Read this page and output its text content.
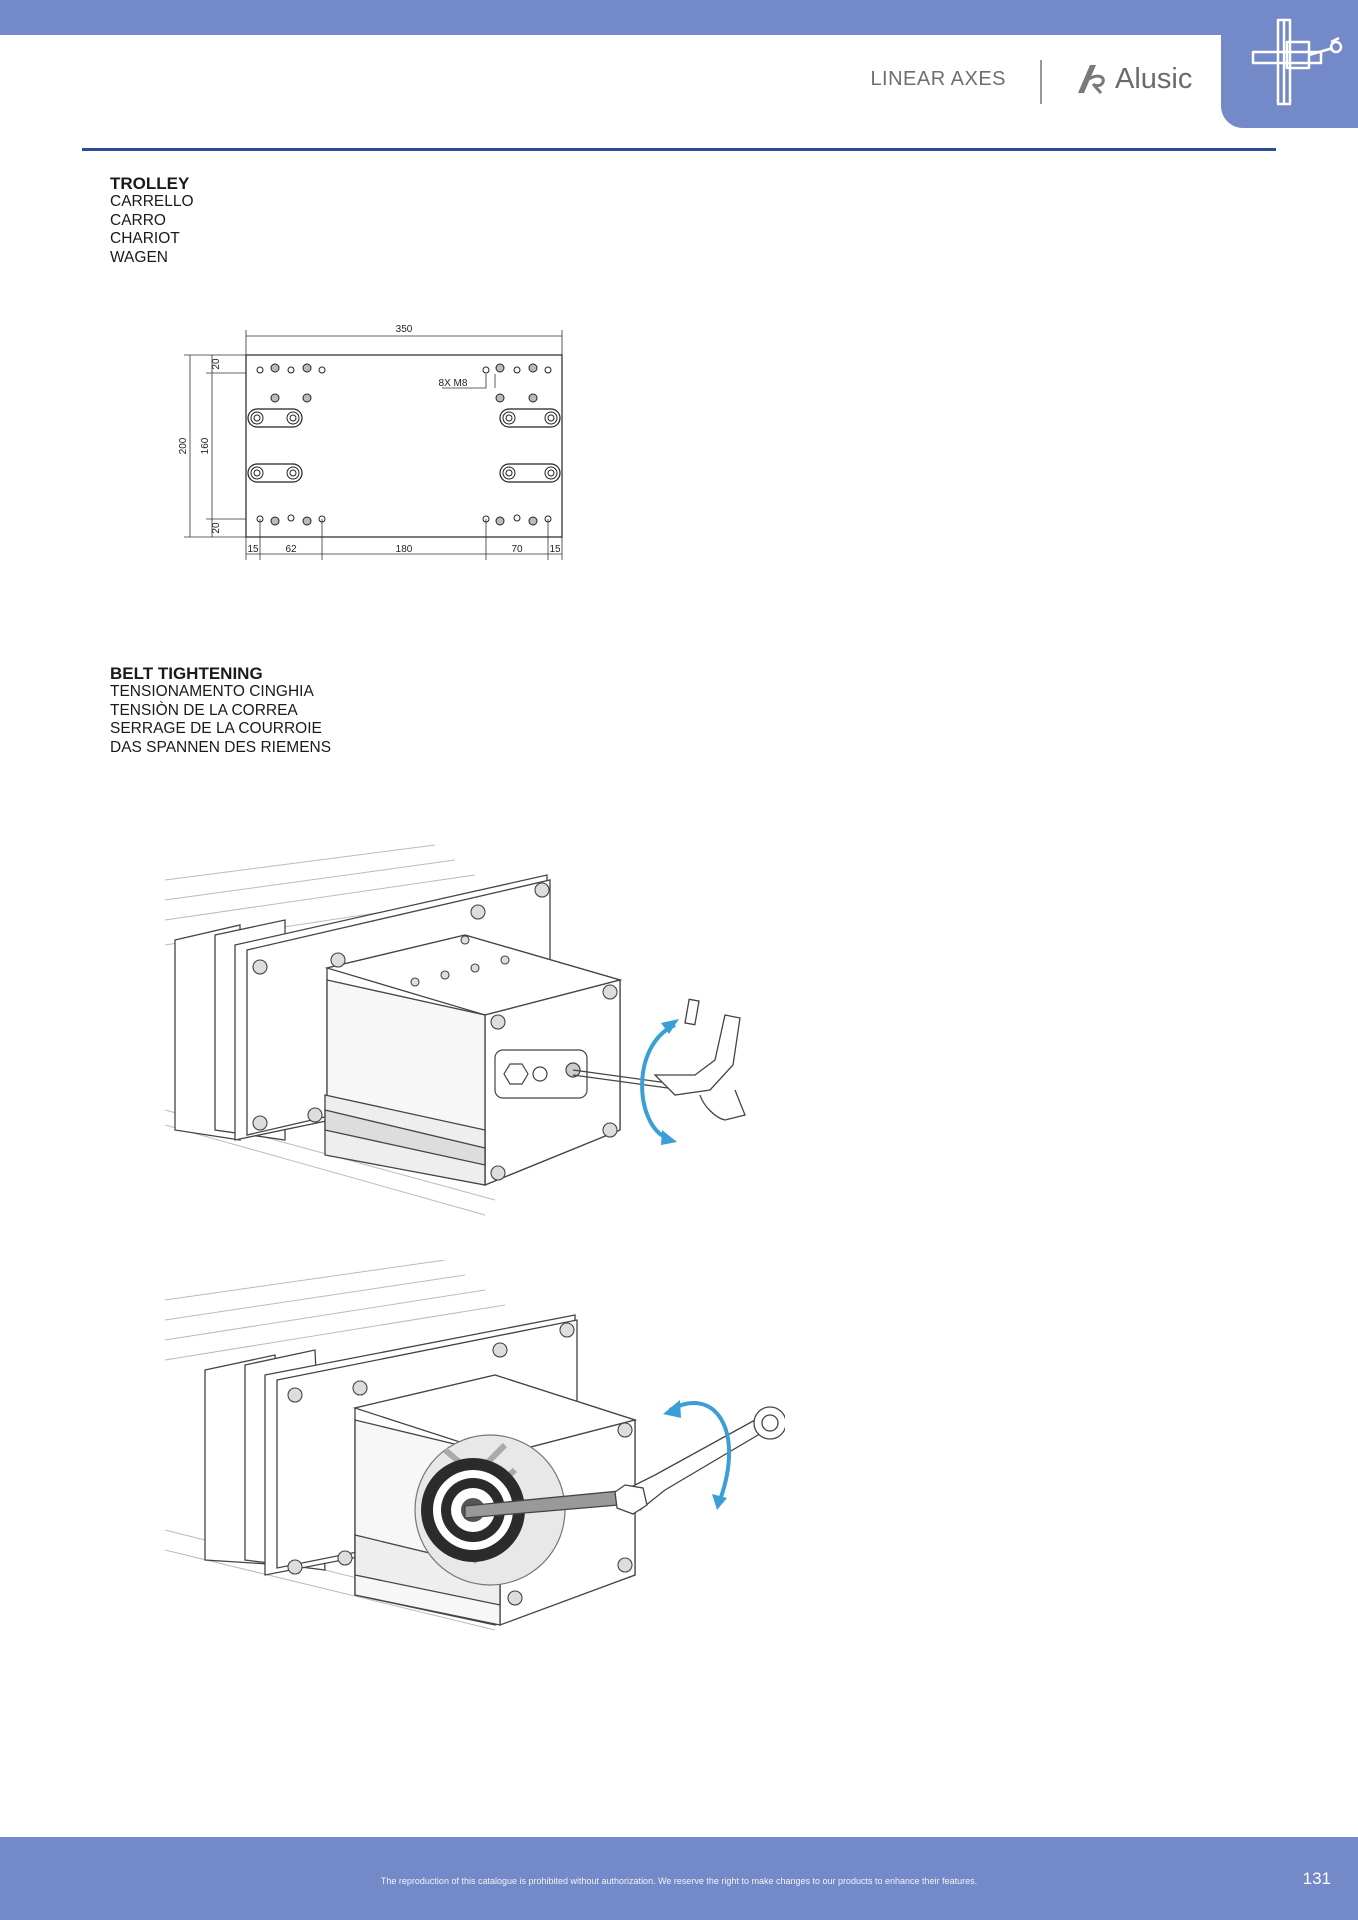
LINEAR AXES	Alusic
TROLLEY
CARRELLO
CARRO
CHARIOT
WAGEN
350
200 160
20
20
15	62	180	70	15
8X M8
BELT TIGHTENING
TENSIONAMENTO CINGHIA
TENSIÒN DE LA CORREA
SERRAGE DE LA COURROIE
DAS SPANNEN DES RIEMENS
The reproduction of this catalogue is prohibited without authorization. We reserve the right to make changes to our products to enhance their features.	131
